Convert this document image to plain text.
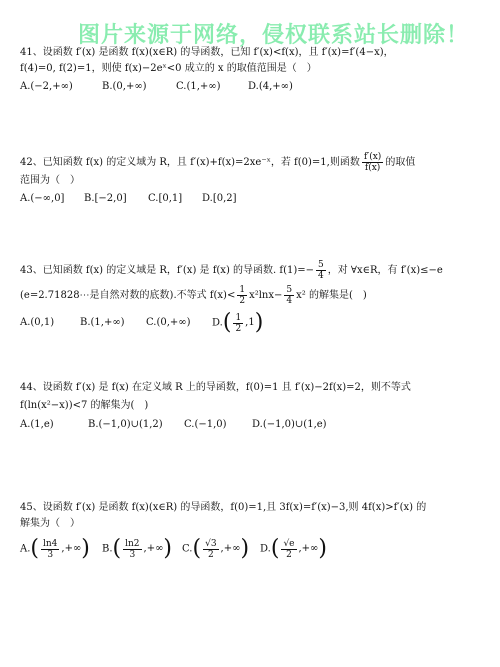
图片来源于网络，侵权联系站长删除！
41、设函数 f′(x) 是函数 f(x)(x∈R) 的导函数，已知 f′(x)<f(x)，且 f′(x)=f′(4−x)，
f(4)=0, f(2)=1，则使 f(x)−2eˣ<0 成立的 x 的取值范围是（　）
A.(−2,+∞)	B.(0,+∞)	C.(1,+∞)	D.(4,+∞)
42、已知函数 f(x) 的定义域为 R，且 f′(x)+f(x)=2xe⁻ˣ，若 f(0)=1,则函数 $\frac{f'(x)}{f(x)}$ 的取值
范围为（　）
A.(−∞,0]	B.[−2,0]	C.[0,1]	D.[0,2]
43、已知函数 f(x) 的定义域是 R，f′(x) 是 f(x) 的导函数. $f(1)=- \frac{5}{4}$ ，对 ∀x∈R，有 f′(x)≤−e
(e=2.71828⋯是自然对数的底数).不等式 $f(x)< \frac{1}{2} x^2\ln x- \frac{5}{4} x^2$ 的解集是(　)
A.(0,1)	B.(1,+∞)	C.(0,+∞)	D. ( $\frac{1}{2} ,1$ )
44、设函数 f′(x) 是 f(x) 在定义域 R 上的导函数，f(0)=1 且 f′(x)−2f(x)=2，则不等式
f(ln(x²−x))<7 的解集为(　)
A.(1,e)	B.(−1,0)∪(1,2)	C.(−1,0)	D.(−1,0)∪(1,e)
45、设函数 f′(x) 是函数 f(x)(x∈R) 的导函数，f(0)=1,且 3f(x)=f′(x)−3,则 4f(x)>f′(x) 的
解集为（　）
A. ( $\frac{\ln 4}{3}$ ,+∞ ) B. ( $\frac{\ln 2}{3}$ ,+∞ ) C. ( $\frac{√3}{2}$ ,+∞ ) D. ( $\frac{√e}{2}$ ,+∞ )
